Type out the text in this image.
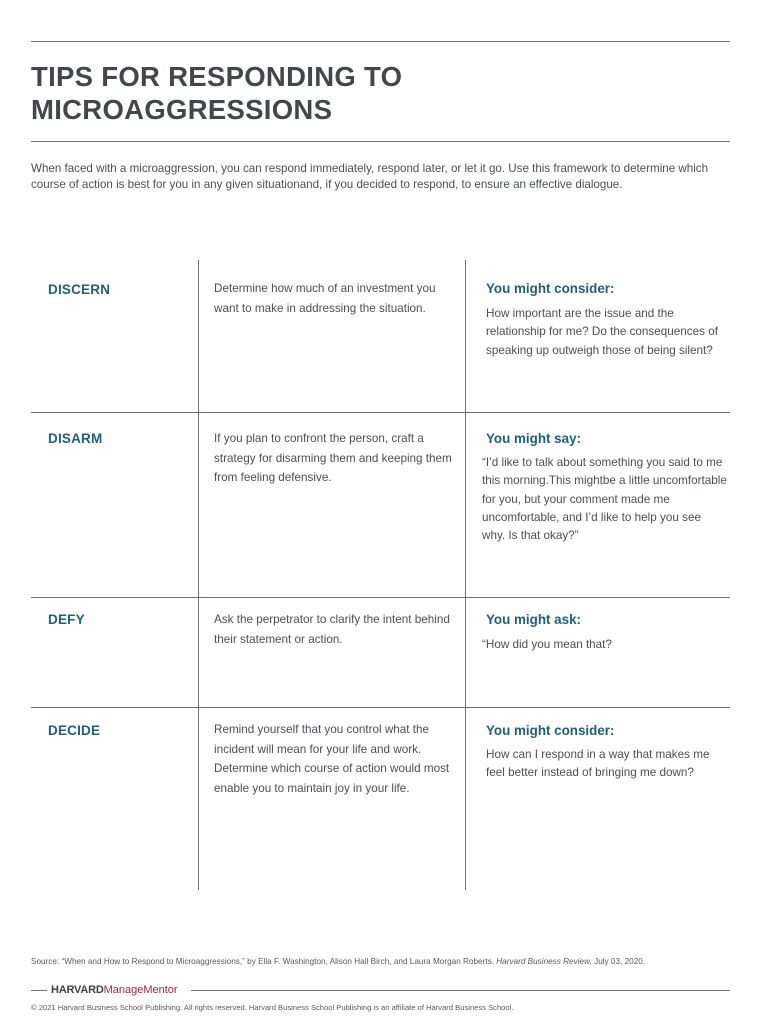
TIPS FOR RESPONDING TO
MICROAGGRESSIONS

When faced with a microaggression, you can respond immediately, respond later, or let it go. Use this framework to determine which course of action is best for you in any given situationand, if you decided to respond, to ensure an effective dialogue.

DISCERN	Determine how much of an investment you want to make in addressing the situation.

You might consider:

How important are the issue and the relationship for me? Do the consequences of speaking up outweigh those of being silent?

DISARM	If you plan to confront the person, craft a strategy for disarming them and keeping them from feeling defensive.

You might say:

“I’d like to talk about something you said to me this morning.This mightbe a little uncomfortable for you, but your comment made me uncomfortable, and I’d like to help you see why. Is that okay?”

DEFY	Ask the perpetrator to clarify the intent behind their statement or action.

You might ask:

“How did you mean that?

DECIDE	Remind yourself that you control what the incident will mean for your life and work. Determine which course of action would most enable you to maintain joy in your life.

You might consider:

How can I respond in a way that makes me feel better instead of bringing me down?

Source: “When and How to Respond to Microaggressions,” by Ella F. Washington, Alison Hall Birch, and Laura Morgan Roberts. Harvard Business Review, July 03, 2020.

HARVARDManageMentor

© 2021 Harvard Business School Publishing. All rights reserved. Harvard Business School Publishing is an affiliate of Harvard Business School.
